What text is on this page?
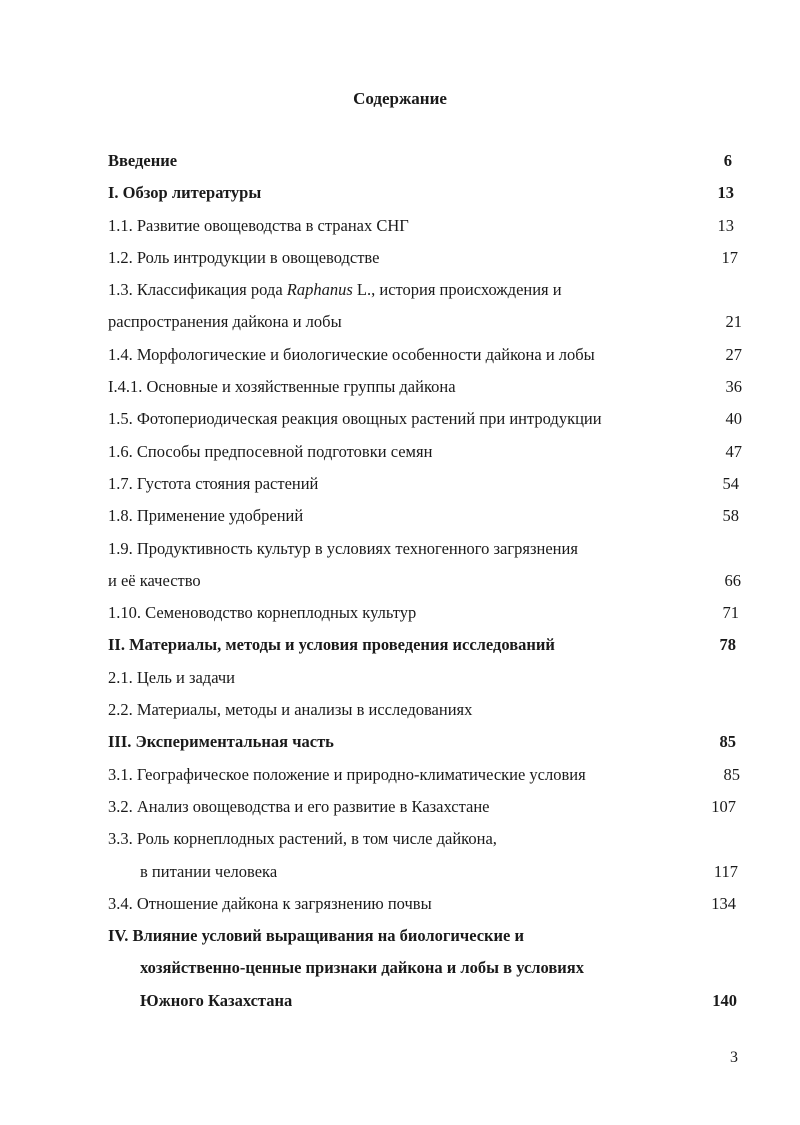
Содержание
Введение	6
I. Обзор литературы	13
1.1. Развитие овощеводства в странах СНГ	13
1.2. Роль интродукции в овощеводстве	17
1.3. Классификация рода Raphanus L., история происхождения и
распространения дайкона и лобы	21
1.4. Морфологические и биологические особенности дайкона и лобы	27
I.4.1. Основные и хозяйственные группы дайкона	36
1.5. Фотопериодическая реакция овощных растений при интродукции	40
1.6. Способы предпосевной подготовки семян	47
1.7. Густота стояния растений	54
1.8. Применение удобрений	58
1.9. Продуктивность культур в условиях техногенного загрязнения
и её качество	66
1.10. Семеноводство корнеплодных культур	71
II. Материалы, методы и условия проведения исследований	78
2.1. Цель и задачи
2.2. Материалы, методы и анализы в исследованиях
III. Экспериментальная часть	85
3.1. Географическое положение и природно-климатические условия	85
3.2. Анализ овощеводства и его развитие в Казахстане	107
3.3. Роль корнеплодных растений, в том числе дайкона,
в питании человека	117
3.4. Отношение дайкона к загрязнению почвы	134
IV. Влияние условий выращивания на биологические и
хозяйственно-ценные признаки дайкона и лобы в условиях
Южного Казахстана	140
3
